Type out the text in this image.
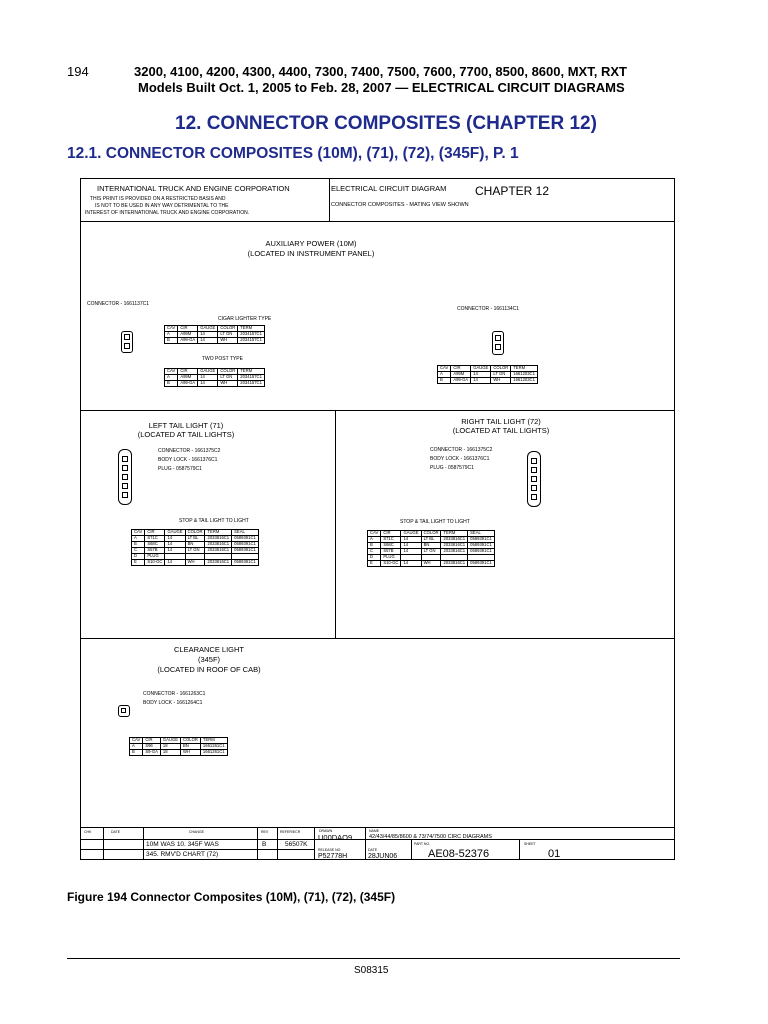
194	3200, 4100, 4200, 4300, 4400, 7300, 7400, 7500, 7600, 7700, 8500, 8600, MXT, RXT
Models Built Oct. 1, 2005 to Feb. 28, 2007 — ELECTRICAL CIRCUIT DIAGRAMS
12. CONNECTOR COMPOSITES (CHAPTER 12)
12.1. CONNECTOR COMPOSITES (10M), (71), (72), (345F), P. 1
INTERNATIONAL TRUCK AND ENGINE CORPORATION
THIS PRINT IS PROVIDED ON A RESTRICTED BASIS AND
IS NOT TO BE USED IN ANY WAY DETRIMENTAL TO THE
INTEREST OF INTERNATIONAL TRUCK AND ENGINE CORPORATION.
ELECTRICAL CIRCUIT DIAGRAM CHAPTER 12
CONNECTOR COMPOSITES - MATING VIEW SHOWN
AUXILIARY POWER (10M)
(LOCATED IN INSTRUMENT PANEL)
CONNECTOR - 1661137C1
CONNECTOR - 1661134C1
CIGAR LIGHTER TYPE
CAV	CIR	GAUGE	COLOR	TERM
A	A99M	14	LT GN	2034157C1
B	A99-GA	14	WH	2034157C1
TWO POST TYPE
CAV	CIR	GAUGE	COLOR	TERM
A	A99M	14	LT GN	2034157C1
B	A99-GA	14	WH	2034157C1
CAV	CIR	GAUGE	COLOR	TERM
A	A99M	14	LT GN	1661203C1
B	A99-GA	14	WH	1661203C1
LEFT TAIL LIGHT (71)
(LOCATED AT TAIL LIGHTS)
CONNECTOR - 1661375C2
BODY LOCK - 1661376C1
PLUG - 0587579C1
STOP & TAIL LIGHT TO LIGHT
CAV	CIR	GAUGE	COLOR	TERM	SEAL
A	S71C	14	LT BL	2033816C1	0589391C1
B	S68C	14	BN	2033816C1	0589391C1
C	S57B	14	LT GN	2033816C1	0589391C1
D	PLUG				
E	S10-GC	14	WH	2033816C1	0589391C1
RIGHT TAIL LIGHT (72)
(LOCATED AT TAIL LIGHTS)
CONNECTOR - 1661375C2
BODY LOCK - 1661376C1
PLUG - 0587579C1
STOP & TAIL LIGHT TO LIGHT
CAV	CIR	GAUGE	COLOR	TERM	SEAL
A	S71C	14	LT BL	2033816C1	0589391C1
B	S68C	14	BN	2033816C1	0589391C1
C	S57B	14	LT GN	2033816C1	0589391C1
D	PLUG				
E	S10-GC	14	WH	2033816C1	0589391C1
CLEARANCE LIGHT
(345F)
(LOCATED IN ROOF OF CAB)
CONNECTOR - 1661263C1
BODY LOCK - 1661264C1
CAV	CIR	GAUGE	COLOR	TERM
A	S96	18	BN	1661261C1
B	S9-GA	18	WH	1661261C1
CHK	DATE	CHANGE	REV	REFER/ECR	DRAWN
U00DAO9
NAME
42/43/44/85/8600 & 73/74/7500 CIRC DIAGRAMS
10M WAS 10. 345F WAS
345. RMV'D CHART (72)
B	56507K
RELEASE NO.
P52778H
DATE
28JUN06
PART NO.
AE08-52376
SHEET
01
Figure 194 Connector Composites (10M), (71), (72), (345F)
S08315
